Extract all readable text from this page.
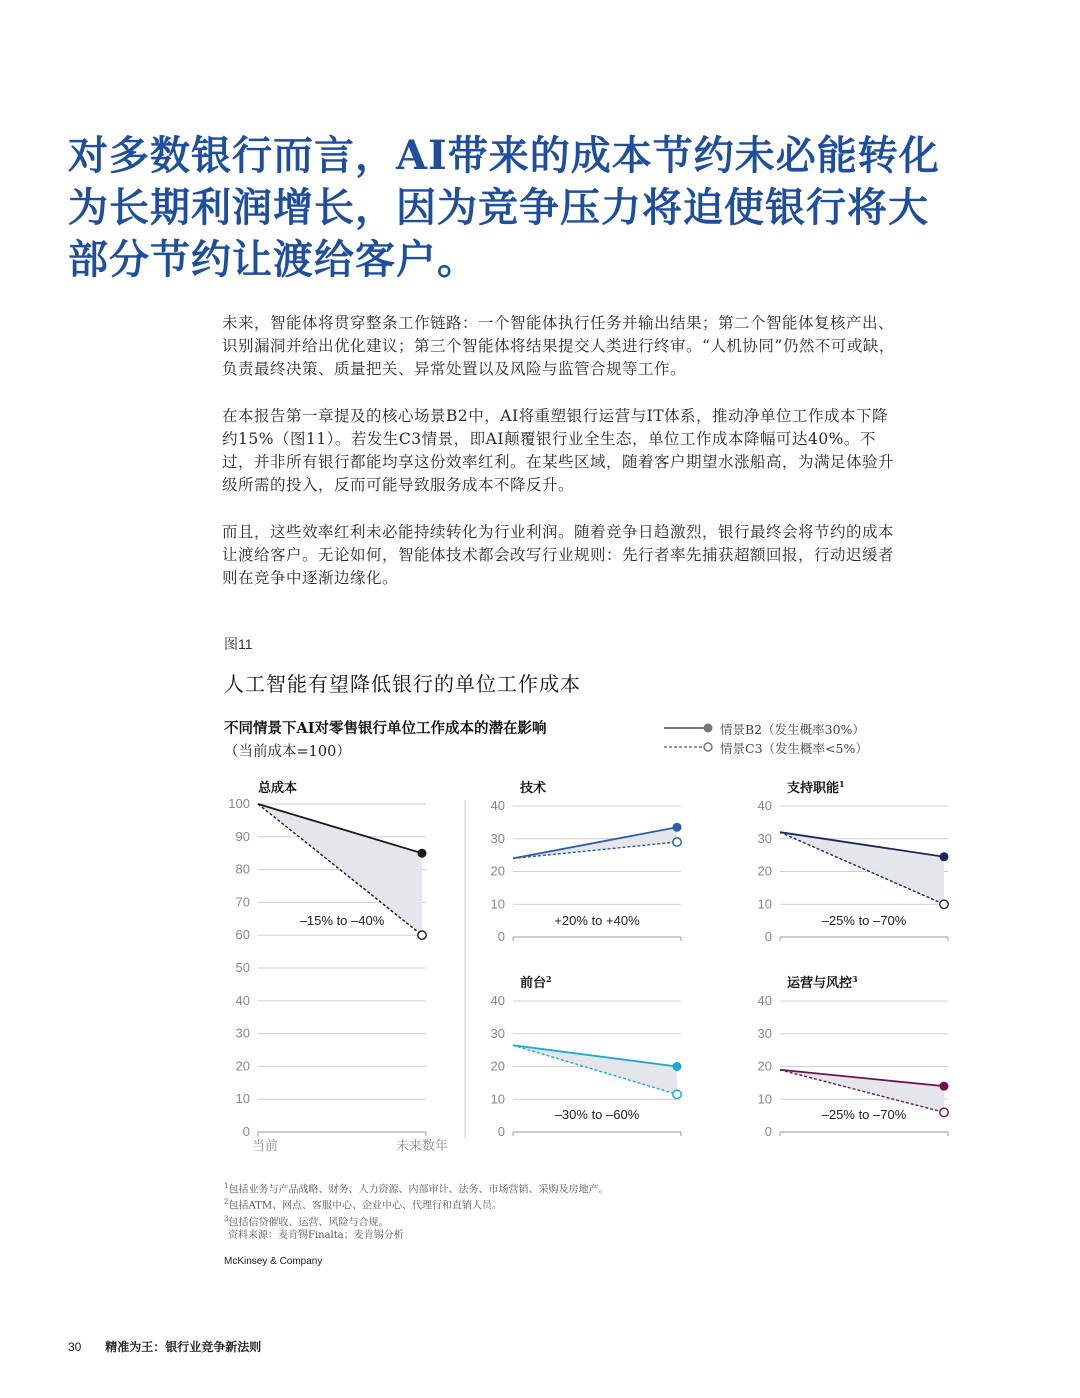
对多数银行而言，AI带来的成本节约未必能转化为长期利润增长，因为竞争压力将迫使银行将大部分节约让渡给客户。

未来，智能体将贯穿整条工作链路：一个智能体执行任务并输出结果；第二个智能体复核产出、识别漏洞并给出优化建议；第三个智能体将结果提交人类进行终审。“人机协同”仍然不可或缺，负责最终决策、质量把关、异常处置以及风险与监管合规等工作。

在本报告第一章提及的核心场景B2中，AI将重塑银行运营与IT体系，推动净单位工作成本下降约15%（图11）。若发生C3情景，即AI颠覆银行业全生态，单位工作成本降幅可达40%。不过，并非所有银行都能均享这份效率红利。在某些区域，随着客户期望水涨船高，为满足体验升级所需的投入，反而可能导致服务成本不降反升。

而且，这些效率红利未必能持续转化为行业利润。随着竞争日趋激烈，银行最终会将节约的成本让渡给客户。无论如何，智能体技术都会改写行业规则：先行者率先捕获超额回报，行动迟缓者则在竞争中逐渐边缘化。

图11
人工智能有望降低银行的单位工作成本
不同情景下AI对零售银行单位工作成本的潜在影响
（当前成本=100）
情景B2（发生概率30%）
情景C3（发生概率<5%）
0
10
20
30
40
50
60
70
80
90
100
总成本
–15% to –40%
当前	未来数年
0
10
20
30
40
技术
+20% to +40%
0
10
20
30
40
支持职能$^1$
–25% to –70%
0
10
20
30
40
前台$^2$
–30% to –60%
0
10
20
30
40
运营与风控$^3$
–25% to –70%
$^1$包括业务与产品战略、财务、人力资源、内部审计、法务、市场营销、采购及房地产。
$^2$包括ATM、网点、客服中心、企业中心、代理行和直销人员。
$^3$包括信贷催收、运营、风险与合规。
资料来源：麦肯锡Finalta；麦肯锡分析
McKinsey & Company
30 精准为王：银行业竞争新法则
